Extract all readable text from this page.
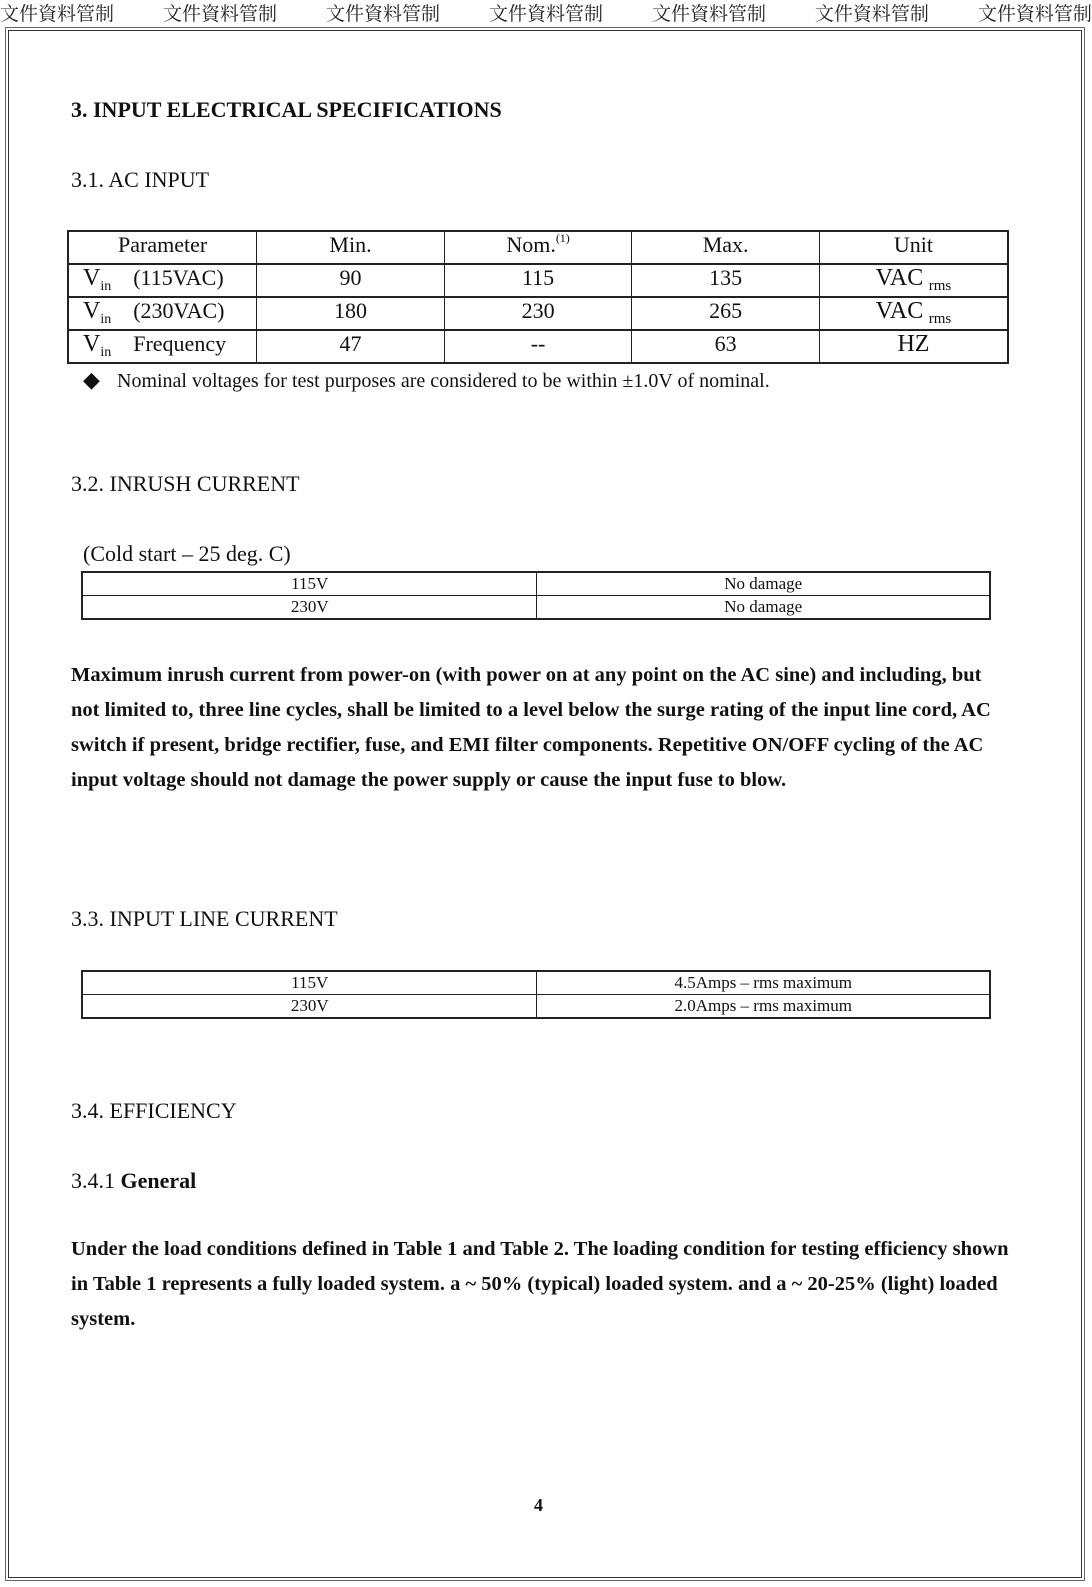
文件資料管制	文件資料管制	文件資料管制	文件資料管制	文件資料管制	文件資料管制	文件資料管制
3. INPUT ELECTRICAL SPECIFICATIONS
3.1. AC INPUT
Parameter	Min.	Nom.$^{(1)}$	Max.	Unit
$V_{in}$ (115VAC)	90	115	135	VAC $_{rms}$
$V_{in}$ (230VAC)	180	230	265	VAC $_{rms}$
$V_{in}$ Frequency	47	--	63	HZ
◆ Nominal voltages for test purposes are considered to be within ±1.0V of nominal.
3.2. INRUSH CURRENT
(Cold start – 25 deg. C)
115V	No damage
230V	No damage

Maximum inrush current from power-on (with power on at any point on the AC sine) and including, but not limited to, three line cycles, shall be limited to a level below the surge rating of the input line cord, AC switch if present, bridge rectifier, fuse, and EMI filter components. Repetitive ON/OFF cycling of the AC input voltage should not damage the power supply or cause the input fuse to blow.

3.3. INPUT LINE CURRENT
115V	4.5Amps – rms maximum
230V	2.0Amps – rms maximum
3.4. EFFICIENCY
3.4.1 General

Under the load conditions defined in Table 1 and Table 2. The loading condition for testing efficiency shown in Table 1 represents a fully loaded system. a ~ 50% (typical) loaded system. and a ~ 20-25% (light) loaded system.

4
